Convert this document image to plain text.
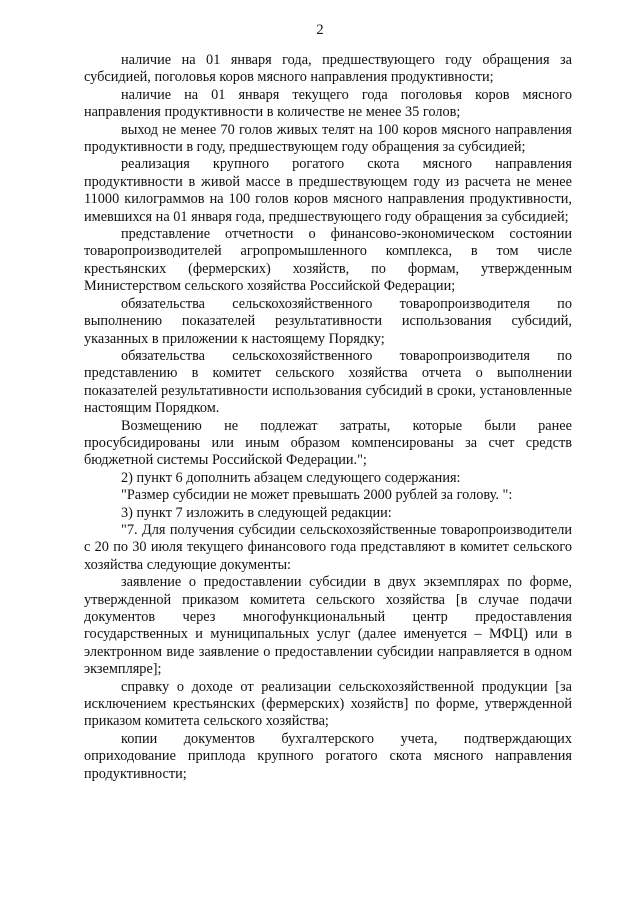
2

наличие на 01 января года, предшествующего году обращения за субсидией, поголовья коров мясного направления продуктивности;

наличие на 01 января текущего года поголовья коров мясного направления продуктивности в количестве не менее 35 голов;

выход не менее 70 голов живых телят на 100 коров мясного направления продуктивности в году, предшествующем году обращения за субсидией;

реализация крупного рогатого скота мясного направления продуктивности в живой массе в предшествующем году из расчета не менее 11000 килограммов на 100 голов коров мясного направления продуктивности, имевшихся на 01 января года, предшествующего году обращения за субсидией;

представление отчетности о финансово-экономическом состоянии товаропроизводителей агропромышленного комплекса, в том числе крестьянских (фермерских) хозяйств, по формам, утвержденным Министерством сельского хозяйства Российской Федерации;

обязательства сельскохозяйственного товаропроизводителя по выполнению показателей результативности использования субсидий, указанных в приложении к настоящему Порядку;

обязательства сельскохозяйственного товаропроизводителя по представлению в комитет сельского хозяйства отчета о выполнении показателей результативности использования субсидий в сроки, установленные настоящим Порядком.

Возмещению не подлежат затраты, которые были ранее просубсидированы или иным образом компенсированы за счет средств бюджетной системы Российской Федерации.";

2) пункт 6 дополнить абзацем следующего содержания:

"Размер субсидии не может превышать 2000 рублей за голову. ":

3) пункт 7 изложить в следующей редакции:

"7. Для получения субсидии сельскохозяйственные товаропроизводители с 20 по 30 июля текущего финансового года представляют в комитет сельского хозяйства следующие документы:

заявление о предоставлении субсидии в двух экземплярах по форме, утвержденной приказом комитета сельского хозяйства [в случае подачи документов через многофункциональный центр предоставления государственных и муниципальных услуг (далее именуется – МФЦ) или в электронном виде заявление о предоставлении субсидии направляется в одном экземпляре];

справку о доходе от реализации сельскохозяйственной продукции [за исключением крестьянских (фермерских) хозяйств] по форме, утвержденной приказом комитета сельского хозяйства;

копии документов бухгалтерского учета, подтверждающих оприходование приплода крупного рогатого скота мясного направления продуктивности;
